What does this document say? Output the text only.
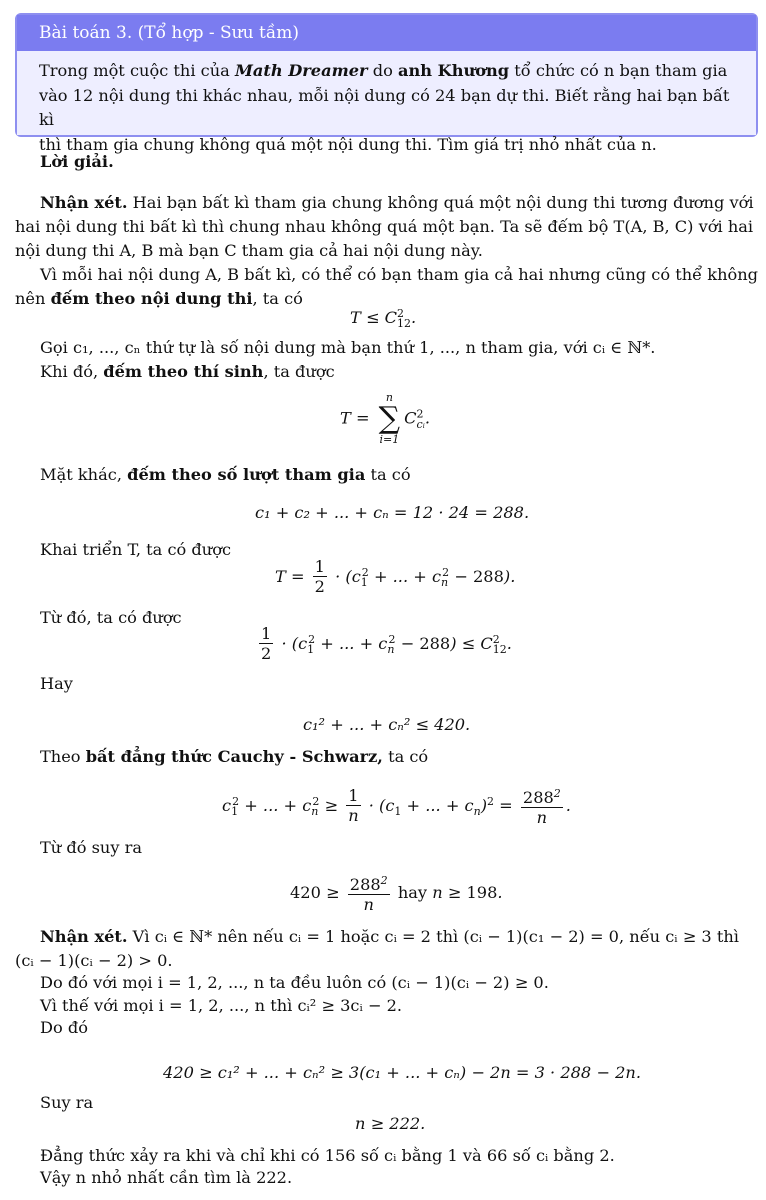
Bài toán 3. (Tổ hợp - Sưu tầm)
Trong một cuộc thi của Math Dreamer do anh Khương tổ chức có n bạn tham gia
vào 12 nội dung thi khác nhau, mỗi nội dung có 24 bạn dự thi. Biết rằng hai bạn bất kì
thì tham gia chung không quá một nội dung thi. Tìm giá trị nhỏ nhất của n.
Lời giải.
Nhận xét. Hai bạn bất kì tham gia chung không quá một nội dung thi tương đương với
hai nội dung thi bất kì thì chung nhau không quá một bạn. Ta sẽ đếm bộ T(A, B, C) với hai
nội dung thi A, B mà bạn C tham gia cả hai nội dung này.
Vì mỗi hai nội dung A, B bất kì, có thể có bạn tham gia cả hai nhưng cũng có thể không
nên đếm theo nội dung thi, ta có
$T \le C^2_{12}$.
Gọi c₁, ..., cₙ thứ tự là số nội dung mà bạn thứ 1, ..., n tham gia, với cᵢ ∈ ℕ*.
Khi đó, đếm theo thí sinh, ta được
T =
n
∑
i=1
$C^2_{cᵢ}$.
Mặt khác, đếm theo số lượt tham gia ta có
c₁ + c₂ + ... + cₙ = 12 · 24 = 288.
Khai triển T, ta có được
$T = \frac{1}{2} \cdot (c_1^2$ + ... + $c_n^2 - 288$).
Từ đó, ta có được
$\frac{1}{2} \cdot (c_1^2$ + ... + $c_n^2 - 288) \le C^2_{12}$.
Hay
c₁² + ... + cₙ² ≤ 420.
Theo bất đẳng thức Cauchy - Schwarz, ta có
$c_1^2$ + ... + $c_n^2 \ge \frac{1}{n} \cdot (c_1$ + ... + $c_n)^2 = \frac{288^2}{n}$ .
Từ đó suy ra
$420 \ge \frac{288^2}{n}$ hay n ≥ 198.
Nhận xét. Vì cᵢ ∈ ℕ* nên nếu cᵢ = 1 hoặc cᵢ = 2 thì (cᵢ − 1)(c₁ − 2) = 0, nếu cᵢ ≥ 3 thì
(cᵢ − 1)(cᵢ − 2) > 0.
Do đó với mọi i = 1, 2, ..., n ta đều luôn có (cᵢ − 1)(cᵢ − 2) ≥ 0.
Vì thế với mọi i = 1, 2, ..., n thì cᵢ² ≥ 3cᵢ − 2.
Do đó
420 ≥ c₁² + ... + cₙ² ≥ 3(c₁ + ... + cₙ) − 2n = 3 · 288 − 2n.
Suy ra
n ≥ 222.
Đẳng thức xảy ra khi và chỉ khi có 156 số cᵢ bằng 1 và 66 số cᵢ bằng 2.
Vậy n nhỏ nhất cần tìm là 222.
